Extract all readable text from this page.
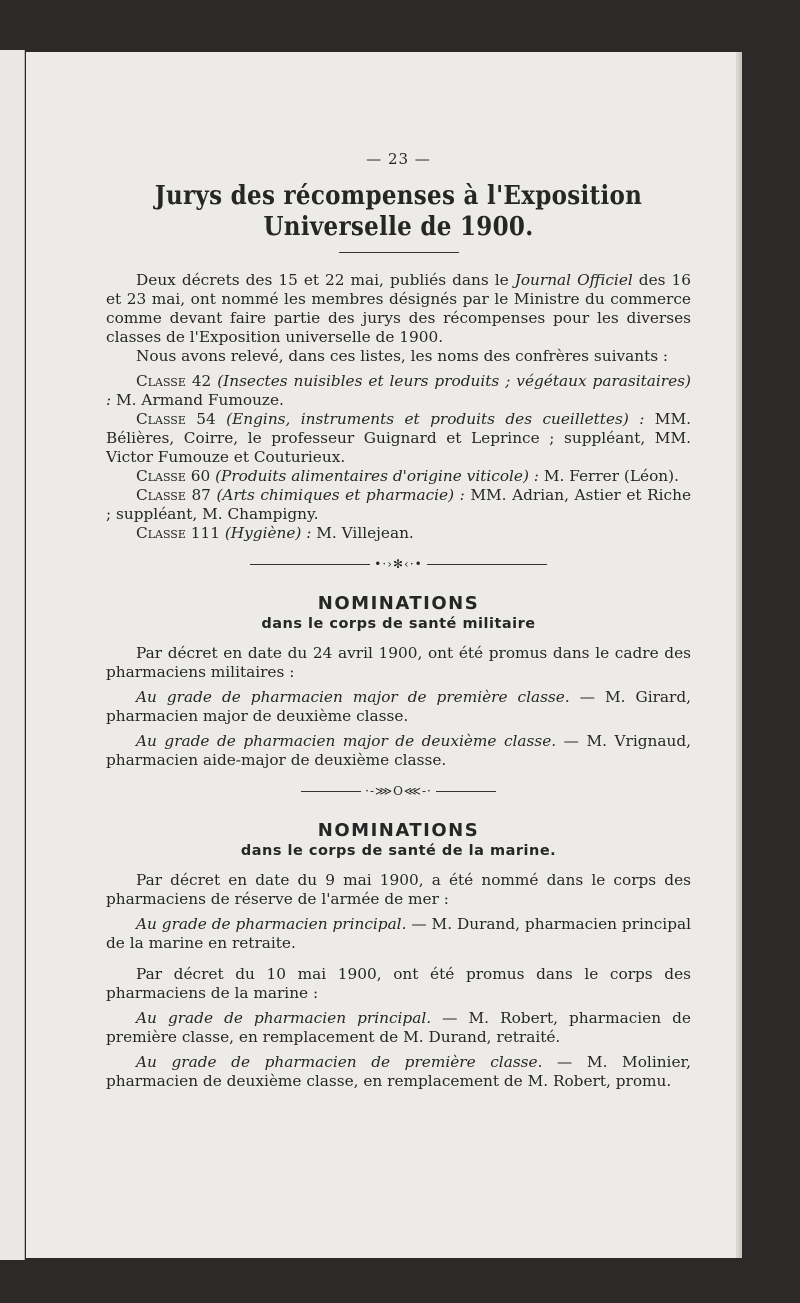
— 23 —
Jurys des récompenses à l'Exposition Universelle de 1900.

Deux décrets des 15 et 22 mai, publiés dans le Journal Officiel des 16 et 23 mai, ont nommé les membres désignés par le Ministre du commerce comme devant faire partie des jurys des récompenses pour les diverses classes de l'Exposition universelle de 1900.

Nous avons relevé, dans ces listes, les noms des confrères suivants :

Classe 42 (Insectes nuisibles et leurs produits ; végétaux parasitaires) : M. Armand Fumouze.

Classe 54 (Engins, instruments et produits des cueillettes) : MM. Bélières, Coirre, le professeur Guignard et Leprince ; suppléant, MM. Victor Fumouze et Couturieux.

Classe 60 (Produits alimentaires d'origine viticole) : M. Ferrer (Léon).

Classe 87 (Arts chimiques et pharmacie) : MM. Adrian, Astier et Riche ; suppléant, M. Champigny.

Classe 111 (Hygiène) : M. Villejean.

•·›✻‹·•
NOMINATIONS
dans le corps de santé militaire

Par décret en date du 24 avril 1900, ont été promus dans le cadre des pharmaciens militaires :

Au grade de pharmacien major de première classe. — M. Girard, pharmacien major de deuxième classe.

Au grade de pharmacien major de deuxième classe. — M. Vrignaud, pharmacien aide-major de deuxième classe.

·-⋙O⋘-·
NOMINATIONS
dans le corps de santé de la marine.

Par décret en date du 9 mai 1900, a été nommé dans le corps des pharmaciens de réserve de l'armée de mer :

Au grade de pharmacien principal. — M. Durand, pharmacien principal de la marine en retraite.

Par décret du 10 mai 1900, ont été promus dans le corps des pharmaciens de la marine :

Au grade de pharmacien principal. — M. Robert, pharmacien de première classe, en remplacement de M. Durand, retraité.

Au grade de pharmacien de première classe. — M. Molinier, pharmacien de deuxième classe, en remplacement de M. Robert, promu.
